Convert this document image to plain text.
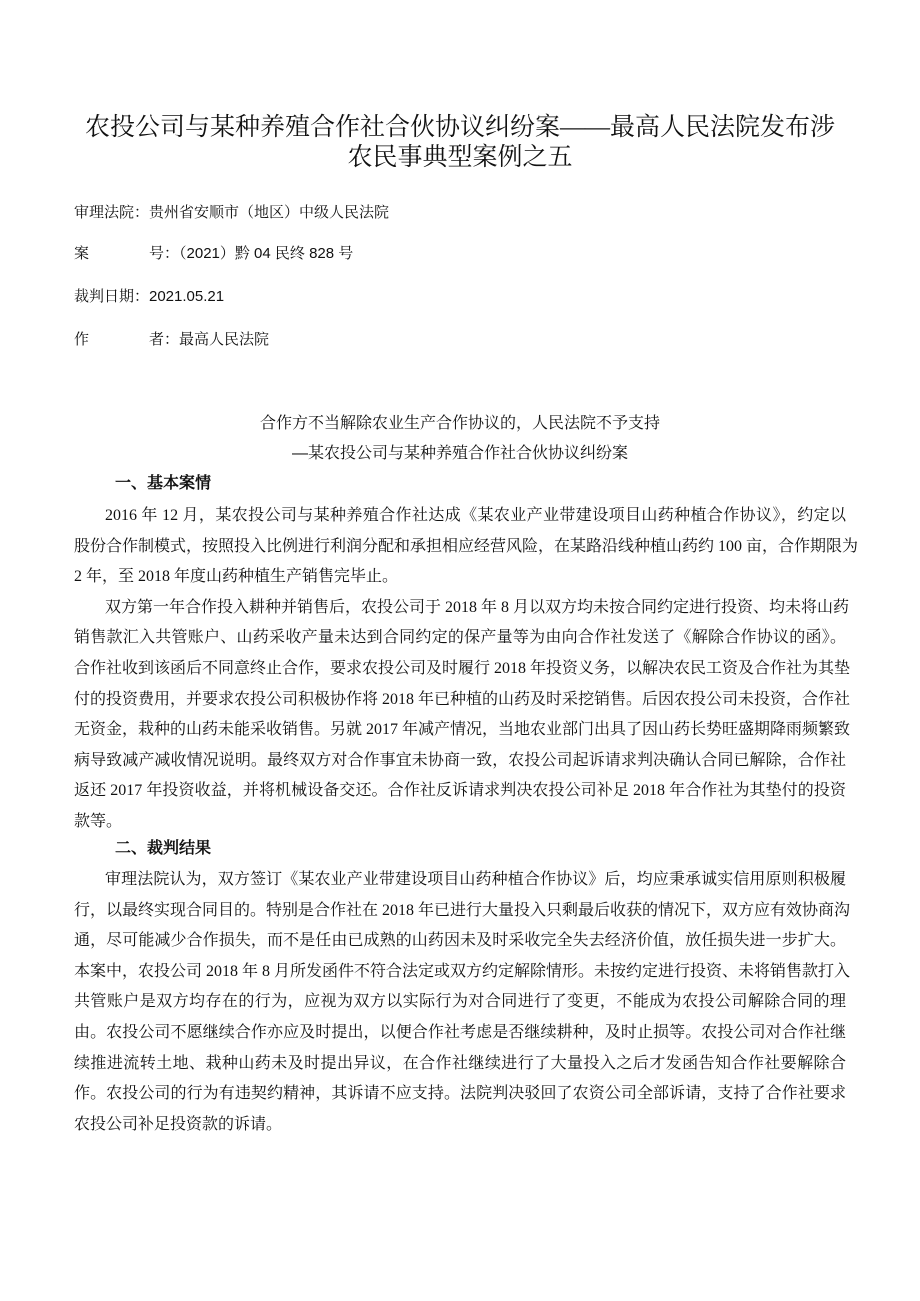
农投公司与某种养殖合作社合伙协议纠纷案——最高人民法院发布涉
农民事典型案例之五
审理法院：贵州省安顺市（地区）中级人民法院
案　　　　号：（2021）黔 04 民终 828 号
裁判日期：2021.05.21
作　　　　者：最高人民法院
合作方不当解除农业生产合作协议的，人民法院不予支持
—某农投公司与某种养殖合作社合伙协议纠纷案
一、基本案情
2016 年 12 月，某农投公司与某种养殖合作社达成《某农业产业带建设项目山药种植合作协议》，约定以
股份合作制模式，按照投入比例进行利润分配和承担相应经营风险，在某路沿线种植山药约 100 亩，合作期限为
2 年，至 2018 年度山药种植生产销售完毕止。
双方第一年合作投入耕种并销售后，农投公司于 2018 年 8 月以双方均未按合同约定进行投资、均未将山药
销售款汇入共管账户、山药采收产量未达到合同约定的保产量等为由向合作社发送了《解除合作协议的函》。
合作社收到该函后不同意终止合作，要求农投公司及时履行 2018 年投资义务，以解决农民工资及合作社为其垫
付的投资费用，并要求农投公司积极协作将 2018 年已种植的山药及时采挖销售。后因农投公司未投资，合作社
无资金，栽种的山药未能采收销售。另就 2017 年减产情况，当地农业部门出具了因山药长势旺盛期降雨频繁致
病导致减产减收情况说明。最终双方对合作事宜未协商一致，农投公司起诉请求判决确认合同已解除，合作社
返还 2017 年投资收益，并将机械设备交还。合作社反诉请求判决农投公司补足 2018 年合作社为其垫付的投资
款等。
二、裁判结果
审理法院认为，双方签订《某农业产业带建设项目山药种植合作协议》后，均应秉承诚实信用原则积极履
行，以最终实现合同目的。特别是合作社在 2018 年已进行大量投入只剩最后收获的情况下，双方应有效协商沟
通，尽可能减少合作损失，而不是任由已成熟的山药因未及时采收完全失去经济价值，放任损失进一步扩大。
本案中，农投公司 2018 年 8 月所发函件不符合法定或双方约定解除情形。未按约定进行投资、未将销售款打入
共管账户是双方均存在的行为，应视为双方以实际行为对合同进行了变更，不能成为农投公司解除合同的理
由。农投公司不愿继续合作亦应及时提出，以便合作社考虑是否继续耕种，及时止损等。农投公司对合作社继
续推进流转土地、栽种山药未及时提出异议，在合作社继续进行了大量投入之后才发函告知合作社要解除合
作。农投公司的行为有违契约精神，其诉请不应支持。法院判决驳回了农资公司全部诉请，支持了合作社要求
农投公司补足投资款的诉请。
